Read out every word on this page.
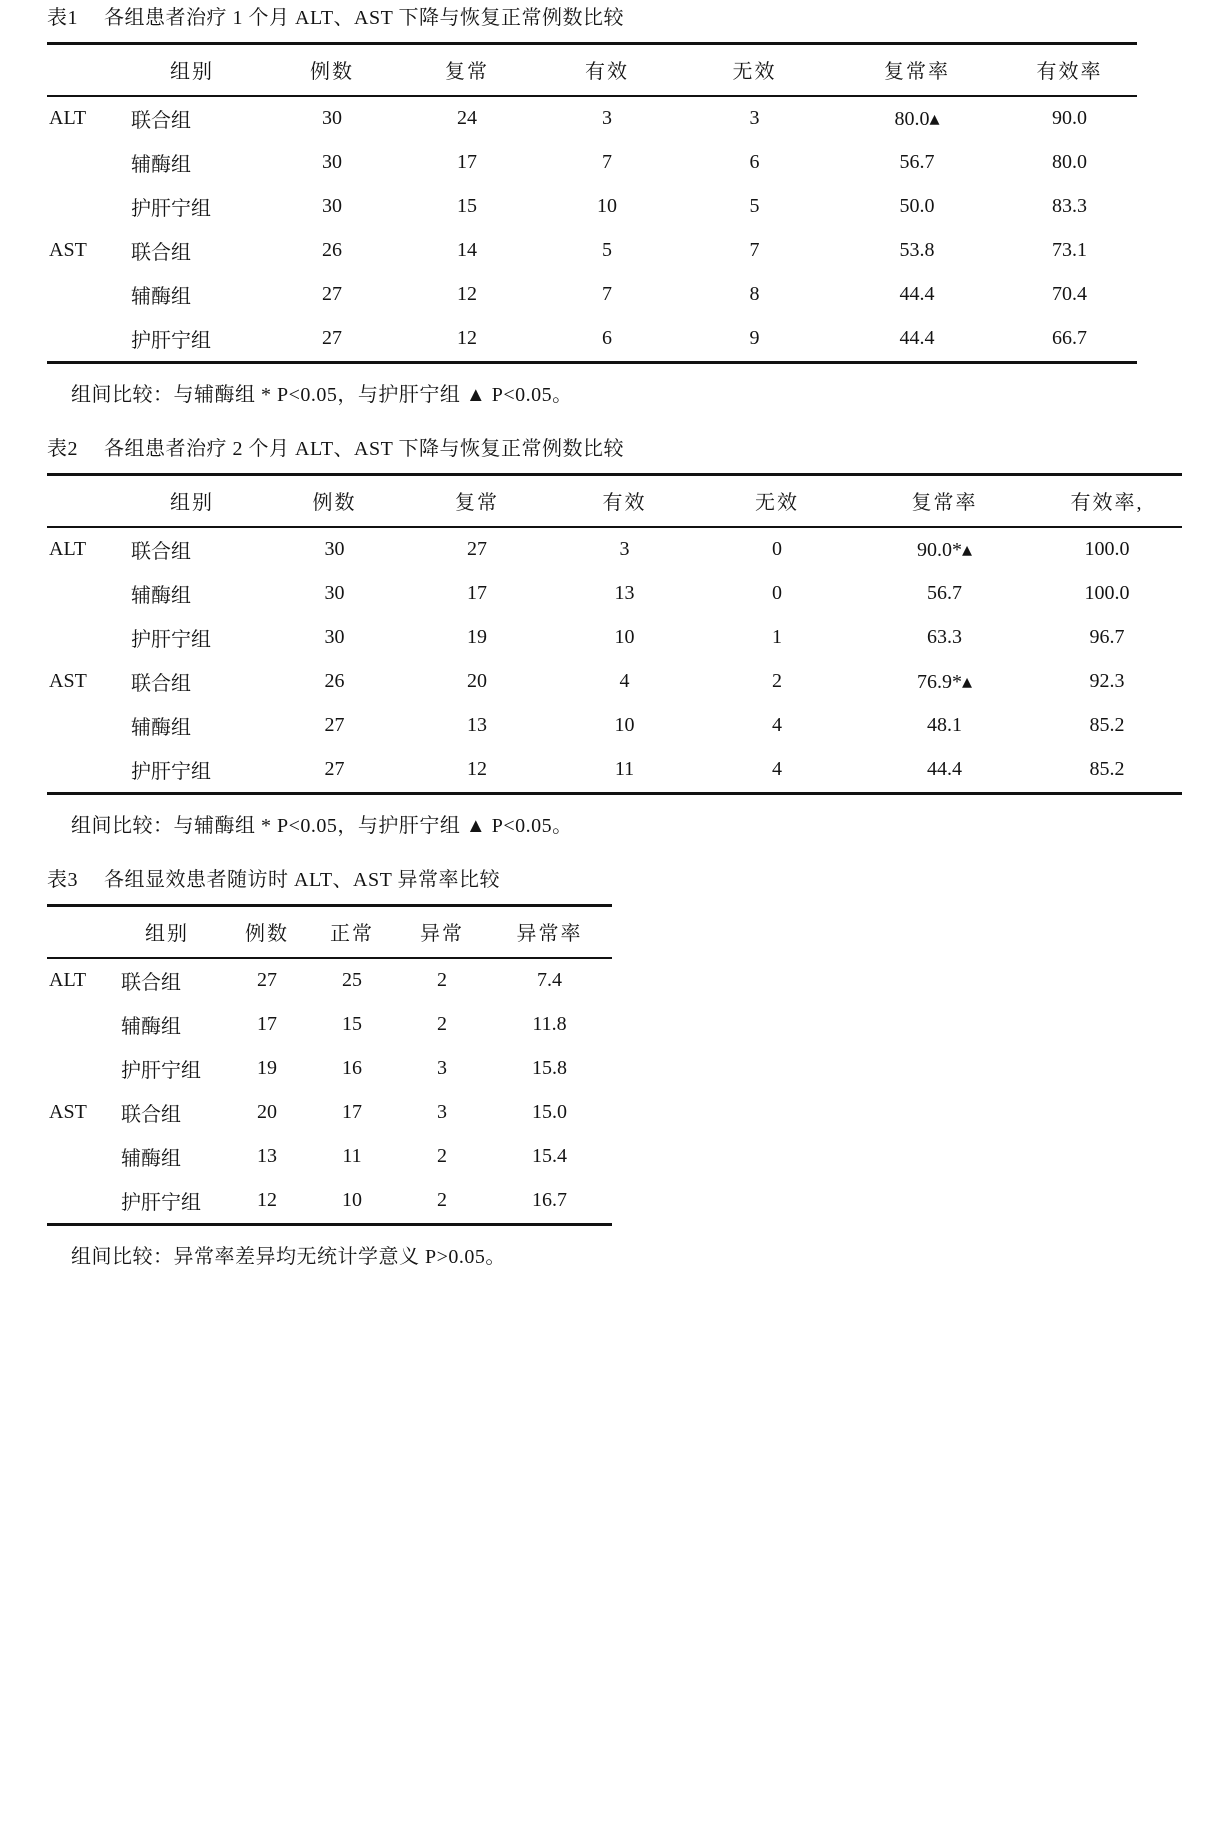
表1 各组患者治疗 1 个月 ALT、AST 下降与恢复正常例数比较
	组别	例数	复常	有效	无效	复常率	有效率
ALT	联合组	30	24	3	3	80.0▴	90.0
	辅酶组	30	17	7	6	56.7	80.0
	护肝宁组	30	15	10	5	50.0	83.3
AST	联合组	26	14	5	7	53.8	73.1
	辅酶组	27	12	7	8	44.4	70.4
	护肝宁组	27	12	6	9	44.4	66.7
组间比较：与辅酶组 * P<0.05，与护肝宁组 ▲ P<0.05。
表2 各组患者治疗 2 个月 ALT、AST 下降与恢复正常例数比较
	组别	例数	复常	有效	无效	复常率	有效率,
ALT	联合组	30	27	3	0	90.0*▴	100.0
	辅酶组	30	17	13	0	56.7	100.0
	护肝宁组	30	19	10	1	63.3	96.7
AST	联合组	26	20	4	2	76.9*▴	92.3
	辅酶组	27	13	10	4	48.1	85.2
	护肝宁组	27	12	11	4	44.4	85.2
组间比较：与辅酶组 * P<0.05，与护肝宁组 ▲ P<0.05。
表3 各组显效患者随访时 ALT、AST 异常率比较
	组别	例数	正常	异常	异常率
ALT	联合组	27	25	2	7.4
	辅酶组	17	15	2	11.8
	护肝宁组	19	16	3	15.8
AST	联合组	20	17	3	15.0
	辅酶组	13	11	2	15.4
	护肝宁组	12	10	2	16.7
组间比较：异常率差异均无统计学意义 P>0.05。
